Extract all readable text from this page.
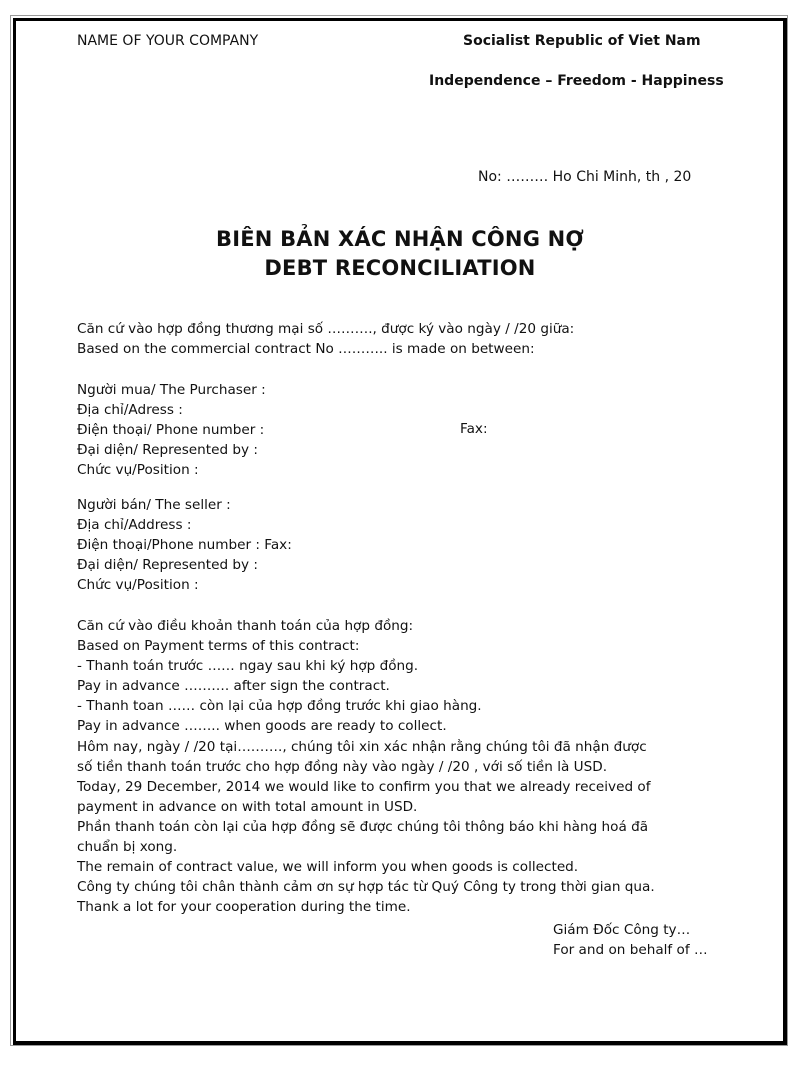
NAME OF YOUR COMPANY	Socialist Republic of Viet Nam
Independence – Freedom - Happiness
No: ……… Ho Chi Minh, th , 20
BIÊN BẢN XÁC NHẬN CÔNG NỢ
DEBT RECONCILIATION
Căn cứ vào hợp đồng thương mại số ………., được ký vào ngày / /20 giữa:
Based on the commercial contract No ……….. is made on between:
Người mua/ The Purchaser :
Địa chỉ/Adress :
Điện thoại/ Phone number :	Fax:
Đại diện/ Represented by :
Chức vụ/Position :
Người bán/ The seller :
Địa chỉ/Address :
Điện thoại/Phone number : Fax:
Đại diện/ Represented by :
Chức vụ/Position :
Căn cứ vào điều khoản thanh toán của hợp đồng:
Based on Payment terms of this contract:
- Thanh toán trước …… ngay sau khi ký hợp đồng.
Pay in advance ………. after sign the contract.
- Thanh toan …… còn lại của hợp đồng trước khi giao hàng.
Pay in advance …….. when goods are ready to collect.
Hôm nay, ngày / /20 tại………., chúng tôi xin xác nhận rằng chúng tôi đã nhận được
số tiền thanh toán trước cho hợp đồng này vào ngày / /20 , với số tiền là USD.
Today, 29 December, 2014 we would like to confirm you that we already received of
payment in advance on with total amount in USD.
Phần thanh toán còn lại của hợp đồng sẽ được chúng tôi thông báo khi hàng hoá đã
chuẩn bị xong.
The remain of contract value, we will inform you when goods is collected.
Công ty chúng tôi chân thành cảm ơn sự hợp tác từ Quý Công ty trong thời gian qua.
Thank a lot for your cooperation during the time.
Giám Đốc Công ty…
For and on behalf of …
